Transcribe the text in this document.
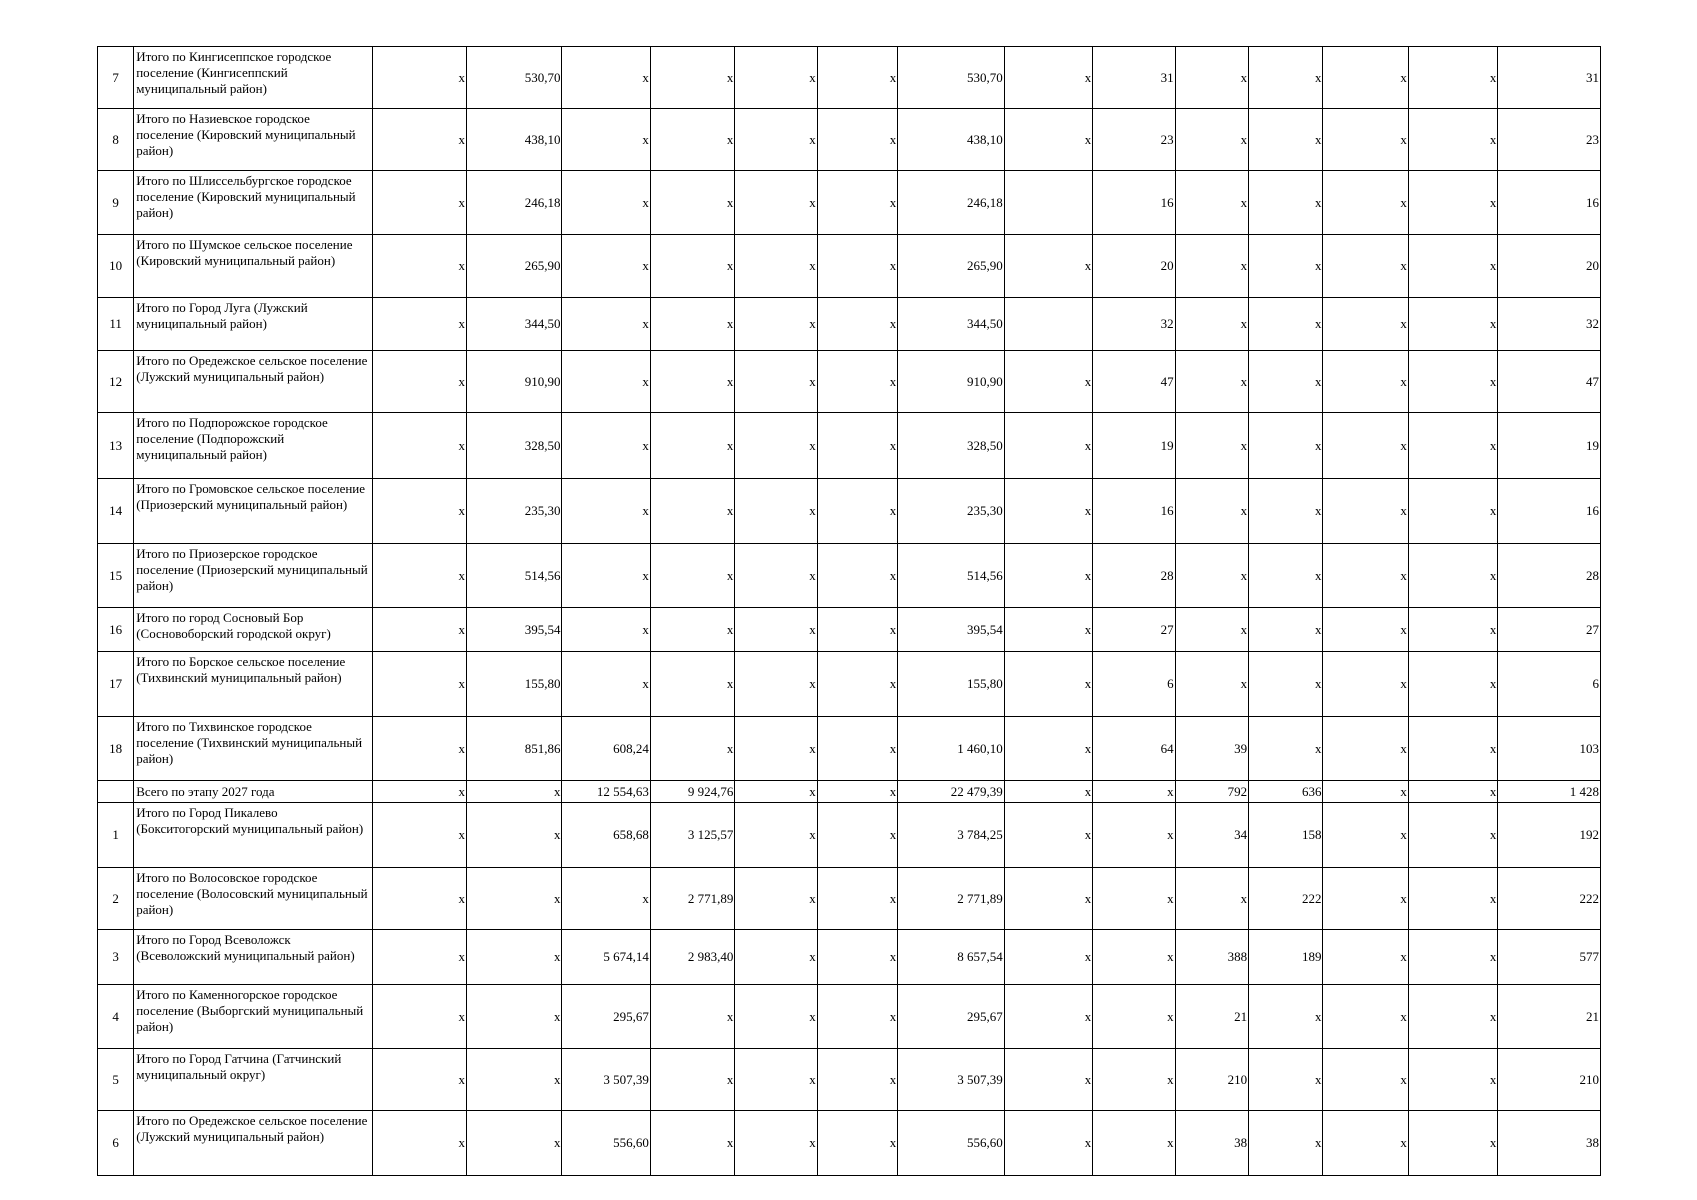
7	Итого по Кингисеппское городское поселение (Кингисеппский муниципальный район)	x	530,70	x	x	x	x	530,70	x	31	x	x	x	x	31
8	Итого по Назиевское городское поселение (Кировский муниципальный район)	x	438,10	x	x	x	x	438,10	x	23	x	x	x	x	23
9	Итого по Шлиссельбургское городское поселение (Кировский муниципальный район)	x	246,18	x	x	x	x	246,18		16	x	x	x	x	16
10	Итого по Шумское сельское поселение (Кировский муниципальный район)	x	265,90	x	x	x	x	265,90	x	20	x	x	x	x	20
11	Итого по Город Луга (Лужский муниципальный район)	x	344,50	x	x	x	x	344,50		32	x	x	x	x	32
12	Итого по Оредежское сельское поселение (Лужский муниципальный район)	x	910,90	x	x	x	x	910,90	x	47	x	x	x	x	47
13	Итого по Подпорожское городское поселение (Подпорожский муниципальный район)	x	328,50	x	x	x	x	328,50	x	19	x	x	x	x	19
14	Итого по Громовское сельское поселение (Приозерский муниципальный район)	x	235,30	x	x	x	x	235,30	x	16	x	x	x	x	16
15	Итого по Приозерское городское поселение (Приозерский муниципальный район)	x	514,56	x	x	x	x	514,56	x	28	x	x	x	x	28
16	Итого по город Сосновый Бор (Сосновоборский городской округ)	x	395,54	x	x	x	x	395,54	x	27	x	x	x	x	27
17	Итого по Борское сельское поселение (Тихвинский муниципальный район)	x	155,80	x	x	x	x	155,80	x	6	x	x	x	x	6
18	Итого по Тихвинское городское поселение (Тихвинский муниципальный район)	x	851,86	608,24	x	x	x	1 460,10	x	64	39	x	x	x	103
	Всего по этапу 2027 года	x	x	12 554,63	9 924,76	x	x	22 479,39	x	x	792	636	x	x	1 428
1	Итого по Город Пикалево (Бокситогорский муниципальный район)	x	x	658,68	3 125,57	x	x	3 784,25	x	x	34	158	x	x	192
2	Итого по Волосовское городское поселение (Волосовский муниципальный район)	x	x	x	2 771,89	x	x	2 771,89	x	x	x	222	x	x	222
3	Итого по Город Всеволожск (Всеволожский муниципальный район)	x	x	5 674,14	2 983,40	x	x	8 657,54	x	x	388	189	x	x	577
4	Итого по Каменногорское городское поселение (Выборгский муниципальный район)	x	x	295,67	x	x	x	295,67	x	x	21	x	x	x	21
5	Итого по Город Гатчина (Гатчинский муниципальный округ)	x	x	3 507,39	x	x	x	3 507,39	x	x	210	x	x	x	210
6	Итого по Оредежское сельское поселение (Лужский муниципальный район)	x	x	556,60	x	x	x	556,60	x	x	38	x	x	x	38
